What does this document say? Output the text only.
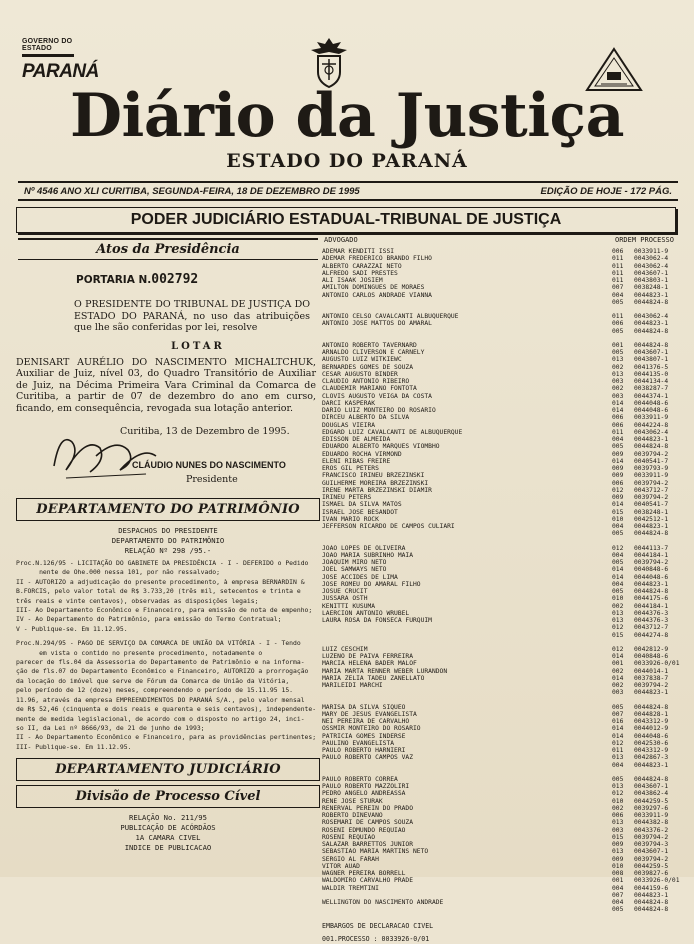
GOVERNO DO ESTADO
PARANÁ
Diário da Justiça
ESTADO DO PARANÁ
Nº 4546 ANO XLI CURITIBA, SEGUNDA-FEIRA, 18 DE DEZEMBRO DE 1995	EDIÇÃO DE HOJE - 172 PÁG.
PODER JUDICIÁRIO ESTADUAL-TRIBUNAL DE JUSTIÇA
Atos da Presidência
PORTARIA N.002792
O PRESIDENTE DO TRIBUNAL DE JUSTIÇA DO ESTADO DO PARANÁ, no uso das atribuições que lhe são conferidas por lei, resolve
LOTAR
DENISART AURÉLIO DO NASCIMENTO MICHALTCHUK, Auxiliar de Juiz, nível 03, do Quadro Transitório de Auxiliar de Juiz, na Décima Primeira Vara Criminal da Comarca de Curitiba, a partir de 07 de dezembro do ano em curso, ficando, em consequência, revogada sua lotação anterior.
Curitiba, 13 de Dezembro de 1995.
CLÁUDIO NUNES DO NASCIMENTO
Presidente
DEPARTAMENTO DO PATRIMÔNIO
DESPACHOS DO PRESIDENTE
DEPARTAMENTO DO PATRIMÔNIO
RELAÇÃO Nº 298 /95.-

Proc.N.126/95 - LICITAÇÃO DO GABINETE DA PRESIDÊNCIA - I - DEFERIDO o Pedido

nente de Ohe.000 nessa 101, por não ressalvado;

II - AUTORIZO a adjudicação do presente procedimento, à empresa BERNARDIN &

B.FORCIS, pelo valor total de R$ 3.733,20 (três mil, setecentos e trinta e

três reais e vinte centavos), observadas as disposições legais;

III- Ao Departamento Econômico e Financeiro, para emissão de nota de empenho;

IV - Ao Departamento do Patrimônio, para emissão do Termo Contratual;

V - Publique-se. Em 11.12.95.

Proc.N.294/95 - PAGO DE SERVIÇO DA COMARCA DE UNIÃO DA VITÓRIA - I - Tendo

em vista o contido no presente procedimento, notadamente o

parecer de fls.04 da Assessoria do Departamento de Patrimônio e na informa-

ção de fls.07 do Departamento Econômico e Financeiro, AUTORIZO a prorrogação

da locação do imóvel que serve de Fórum da Comarca de União da Vitória,

pelo período de 12 (doze) meses, compreendendo o período de 15.11.95 15.

11.96, através da empresa EMPREENDIMENTOS DO PARANÁ S/A., pelo valor mensal

de R$ 52,46 (cinquenta e dois reais e quarenta e seis centavos), independente-

mente de medida legislacional, de acordo com o disposto no artigo 24, inci-

so II, da Lei nº 8666/93, de 21 de junho de 1993;

II - Ao Departamento Econômico e Financeiro, para as providências pertinentes;

III- Publique-se. Em 11.12.95.

DEPARTAMENTO JUDICIÁRIO
Divisão de Processo Cível
RELAÇÃO No. 211/95
PUBLICAÇÃO DE ACÓRDÃOS
1A CAMARA CIVEL
INDICE DE PUBLICACAO
ADVOGADO	ORDEM PROCESSO
ADEMAR KENDITI ISSI	006	0033911-9
ADEMAR FREDERICO BRANDO FILHO	011	0043062-4
ALBERTO CARAZZAI NETO	011	0043062-4
ALFREDO SADI PRESTES	011	0043607-1
ALI ISAAK JOSIEM	011	0043803-1
AMILTON DOMINGUES DE MORAES	007	0038248-1
ANTONIO CARLOS ANDRADE VIANNA	004	0044823-1
005	0044824-8
ANTONIO CELSO CAVALCANTI ALBUQUERQUE	011	0043062-4
ANTONIO JOSÉ MATTOS DO AMARAL	006	0044823-1
005	0044824-8
ANTONIO ROBERTO TAVERNARD	001	0044824-8
ARNALDO CLIVERSON E CARNELY	005	0043607-1
AUGUSTO LUIZ WITKIEWC	013	0043807-1
BERNARDES GOMES DE SOUZA	002	0041376-5
CESAR AUGUSTO BINDER	013	0044135-0
CLAUDIO ANTONIO RIBEIRO	003	0044134-4
CLAUDEMIR MARIANO FONTOTA	002	0038287-7
CLOVIS AUGUSTO VEIGA DA COSTA	003	0044374-1
DARCI KASPERAK	014	0044048-6
DARIO LUIZ MONTEIRO DO ROSARIO	014	0044048-6
DIRCEU ALBERTO DA SILVA	006	0033911-9
DOUGLAS VIEIRA	006	0044224-8
EDGARD LUIZ CAVALCANTI DE ALBUQUERQUE	011	0043062-4
EDISSON DE ALMEIDA	004	0044823-1
EDUARDO ALBERTO MARQUES VIOMBHO	005	0044824-8
EDUARDO ROCHA VIRMOND	009	0039794-2
ELENI RIBAS FREIRE	014	0040541-7
EROS GIL PETERS	009	0039793-9
FRANCISCO IRINEU BRZEZINSKI	009	0033911-9
GUILHERME MOREIRA BRZEZINSKI	006	0039794-2
IRENE MARTA BRZEZINSKI DIAMIR	012	0043712-7
IRINEU PETERS	009	0039794-2
ISMAEL DA SILVA MATOS	014	0040541-7
ISRAEL JOSE BESANDOT	015	0038248-1
IVAN MARIO ROCK	010	0042512-1
JEFFERSON RICARDO DE CAMPOS CULIARI	004	0044823-1
005	0044824-8
JOAO LOPES DE OLIVEIRA	012	0044113-7
JOAO MARIA SUBRINHO MAIA	004	0044184-1
JOAQUIM MIRO NETO	005	0039794-2
JOEL SAMWAYS NETO	014	0040848-6
JOSE ACCIDES DE LIMA	014	0044048-6
JOSE ROMEU DO AMARAL FILHO	004	0044823-1
JOSUE CRUCIT	005	0044824-8
JUSSARA OSTH	010	0044175-6
KENITTI KUSUMA	002	0044184-1
LAERCION ANTONIO WRUBEL	013	0044376-3
LAURA ROSA DA FONSECA FURQUIM	013	0044376-3
012	0043712-7
015	0044274-8
LUIZ CESCHIM	012	0042812-9
LUZENO DE PAIVA FERREIRA	014	0040848-6
MARCIA HELENA BADER MALOF	001	0033926-0/01
MARIA MARTA RENNER WEBER LURANDON	002	0044014-1
MARIA ZELIA TADEU ZANELLATO	014	0037838-7
MARILEIDI MARCHI	002	0039794-2
003	0044823-1
MARISA DA SILVA SIQUEO	005	0044824-8
MARY DE JESUS EVANGELISTA	007	0044828-1
NEI PEREIRA DE CARVALHO	016	0043312-9
OSSMIR MONTEIRO DO ROSARIO	014	0044012-9
PATRICIA GOMES INDERSE	014	0044048-6
PAULINO EVANGELISTA	012	0042530-6
PAULO ROBERTO HARNIERI	011	0043312-9
PAULO ROBERTO CAMPOS VAZ	013	0042867-3
004	0044823-1
PAULO ROBERTO CORREA	005	0044824-8
PAULO ROBERTO MAZZOLIRI	013	0043607-1
PEDRO ANGELO ANDREASSA	012	0043862-4
RENE JOSE STURAK	010	0044259-5
RENERVAL PEREIN DO PRADO	002	0039297-6
ROBERTO DINEVANO	006	0033911-9
ROSEMARI DE CAMPOS SOUZA	013	0044382-8
ROSENI EDMUNDO REQUIAO	003	0043376-2
ROSENI REQUIAO	015	0039794-2
SALAZAR BARRETTOS JUNIOR	009	0039794-3
SEBASTIAO MARIA MARTINS NETO	013	0043607-1
SERGIO AL FARAH	009	0039794-2
VITOR AUAD	010	0044259-5
WAGNER PEREIRA BORRELL	008	0039827-6
WALDOMIRO CARVALHO PRADE	001	0033926-0/01
WALDIR TREMTINI	004	0044159-6
007	0044823-1
WELLINGTON DO NASCIMENTO ANDRADE	004	0044824-8
005	0044824-8
EMBARGOS DE DECLARACAO CIVEL
001.PROCESSO : 0033926-0/01
